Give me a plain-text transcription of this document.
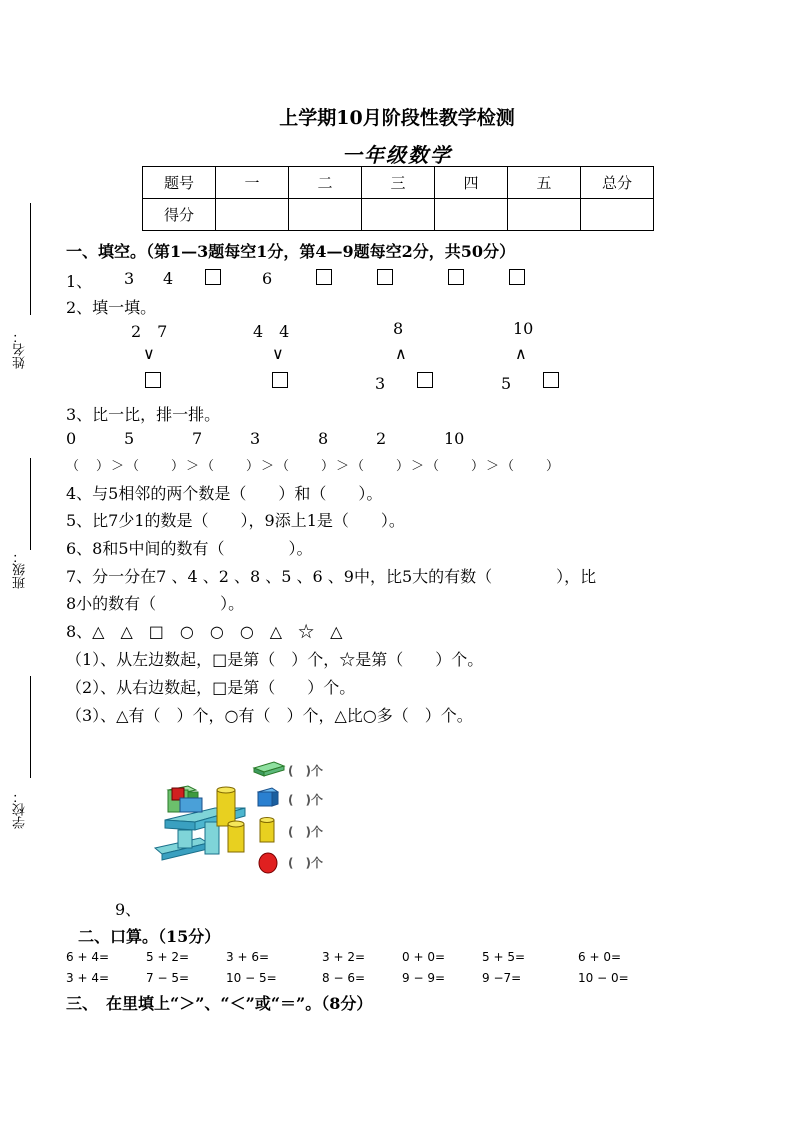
上学期10月阶段性教学检测
一年级数学
题号	一	二	三	四	五	总分
得分						
姓名：
班级：
学校：
一、填空。（第1—3题每空1分，第4—9题每空2分，共50分）
1、 3 4	6
2、填一填。
2　7	4　4	8	10
∨	∨	∧	∧
3	5
3、比一比，排一排。
0	5	7	3	8	2	10
（　）＞（　　）＞（　　）＞（　　）＞（　　）＞（　　）＞（　　）
4、与5相邻的两个数是（　　）和（　　）。
5、比7少1的数是（　　），9添上1是（　　）。
6、8和5中间的数有（　　　　）。
7、分一分在7 、4 、2 、8 、5 、6 、9中，比5大的有数（　　　　），比
8小的数有（　　　　）。
8、△　△　□　○　○　○　△　☆　△
（1）、从左边数起，□是第（　）个，☆是第（　　）个。
（2）、从右边数起，□是第（　　）个。
（3）、△有（　）个，○有（　）个，△比○多（　）个。
(　)个
(　)个
(　)个
(　)个
9、
二、口算。（15分）
6 + 4=	5 + 2=	3 + 6=	3 + 2=	0 + 0=	5 + 5=	6 + 0=
3 + 4=	7 − 5=	10 − 5=	8 − 6=	9 − 9=	9 −7=	10 − 0=
三、　在里填上“＞”、“＜”或“＝”。（8分）
